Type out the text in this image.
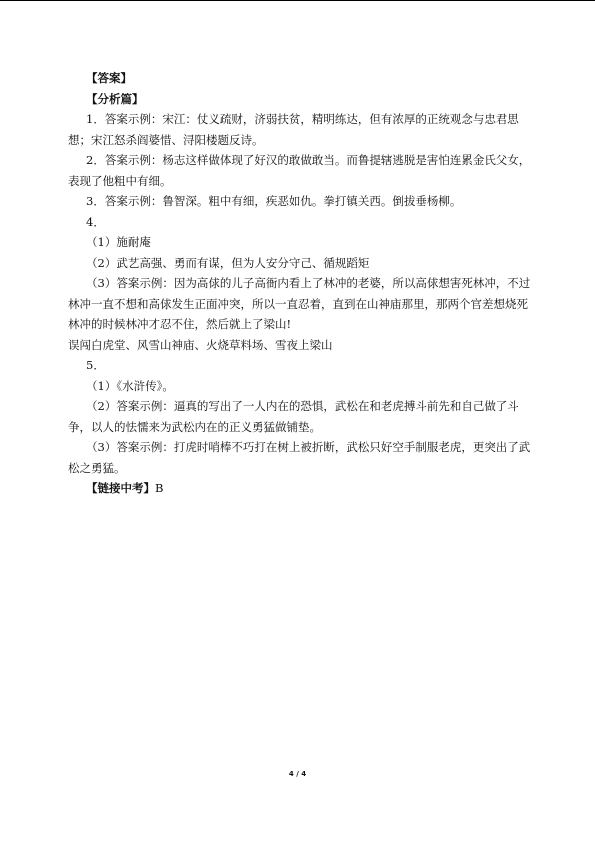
【答案】
【分析篇】
1．答案示例：宋江：仗义疏财，济弱扶贫，精明练达，但有浓厚的正统观念与忠君思
想；宋江怒杀阎婆惜、浔阳楼题反诗。
2．答案示例：杨志这样做体现了好汉的敢做敢当。而鲁提辖逃脱是害怕连累金氏父女，
表现了他粗中有细。
3．答案示例：鲁智深。粗中有细，疾恶如仇。拳打镇关西。倒拔垂杨柳。
4．
（1）施耐庵
（2）武艺高强、勇而有谋，但为人安分守己、循规蹈矩
（3）答案示例：因为高俅的儿子高衙内看上了林冲的老婆，所以高俅想害死林冲，不过
林冲一直不想和高俅发生正面冲突，所以一直忍着，直到在山神庙那里，那两个官差想烧死
林冲的时候林冲才忍不住，然后就上了梁山!
误闯白虎堂、风雪山神庙、火烧草料场、雪夜上梁山
5．
（1）《水浒传》。
（2）答案示例：逼真的写出了一人内在的恐惧，武松在和老虎搏斗前先和自己做了斗
争，以人的怯懦来为武松内在的正义勇猛做铺垫。
（3）答案示例：打虎时哨棒不巧打在树上被折断，武松只好空手制服老虎，更突出了武
松之勇猛。
【链接中考】B
4 / 4
